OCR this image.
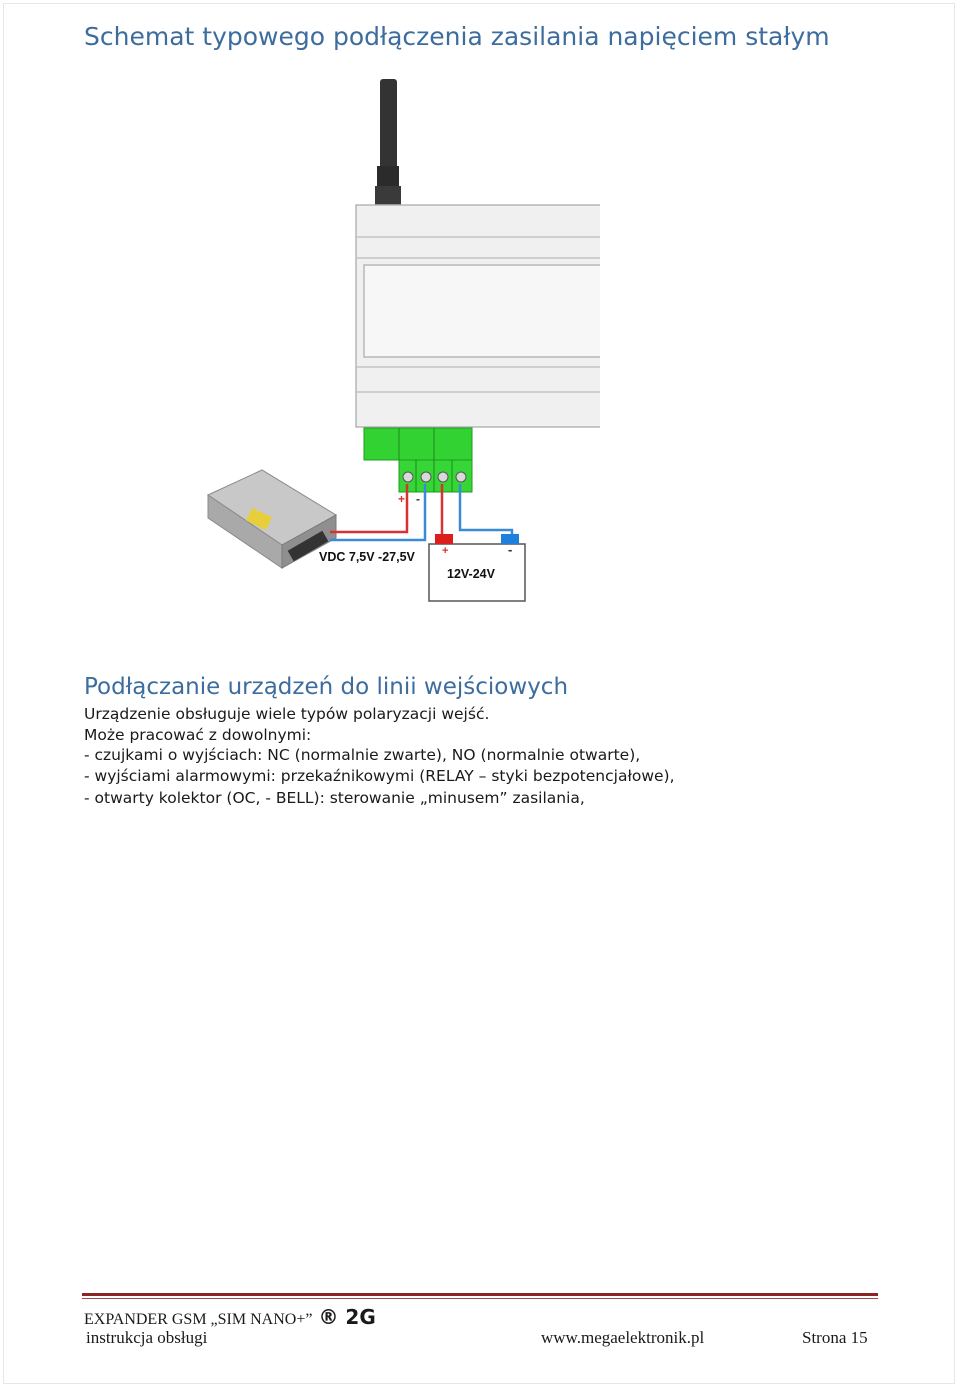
Schemat typowego podłączenia zasilania napięciem stałym
+ -
VDC 7,5V -27,5V +	-
12V-24V
Podłączanie urządzeń do linii wejściowych
Urządzenie obsługuje wiele typów polaryzacji wejść.
Może pracować z dowolnymi:
- czujkami o wyjściach: NC (normalnie zwarte), NO (normalnie otwarte),
- wyjściami alarmowymi: przekaźnikowymi (RELAY – styki bezpotencjałowe),
- otwarty kolektor (OC, - BELL): sterowanie „minusem” zasilania,
EXPANDER GSM „SIM NANO+” ® 2G
instrukcja obsługi	www.megaelektronik.pl	Strona 15
